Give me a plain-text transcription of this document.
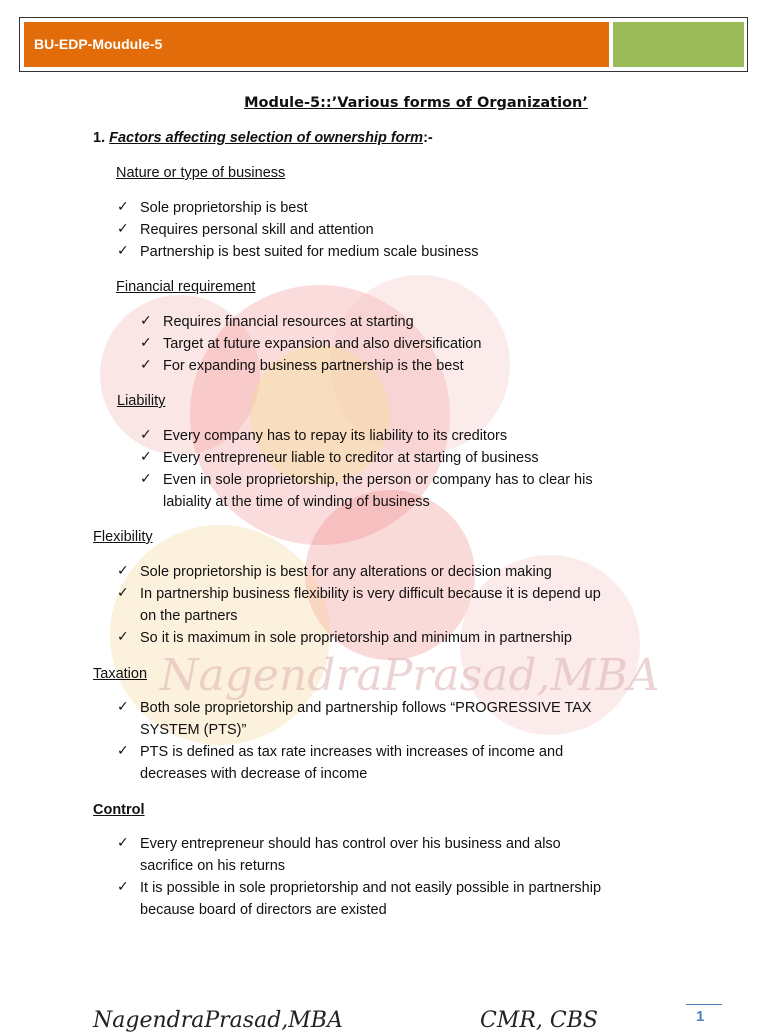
BU-EDP-Moudule-5
NagendraPrasad,MBA
Module-5::’Various forms of Organization’
1. Factors affecting selection of ownership form:-
Nature or type of business
✓ Sole proprietorship is best
✓ Requires personal skill and attention
✓ Partnership is best suited for medium scale business
Financial requirement
✓ Requires financial resources at starting
✓ Target at future expansion and also diversification
✓ For expanding business partnership is the best
Liability
✓ Every company has to repay its liability to its creditors
✓ Every entrepreneur liable to creditor at starting of business
✓ Even in sole proprietorship, the person or company has to clear his
labiality at the time of winding of business
Flexibility
✓ Sole proprietorship is best for any alterations or decision making
✓ In partnership business flexibility is very difficult because it is depend up
on the partners
✓ So it is maximum in sole proprietorship and minimum in partnership
Taxation
✓ Both sole proprietorship and partnership follows “PROGRESSIVE TAX
SYSTEM (PTS)”
✓ PTS is defined as tax rate increases with increases of income and
decreases with decrease of income
Control
✓ Every entrepreneur should has control over his business and also
sacrifice on his returns
✓ It is possible in sole proprietorship and not easily possible in partnership
because board of directors are existed
NagendraPrasad,MBA	CMR, CBS	1
